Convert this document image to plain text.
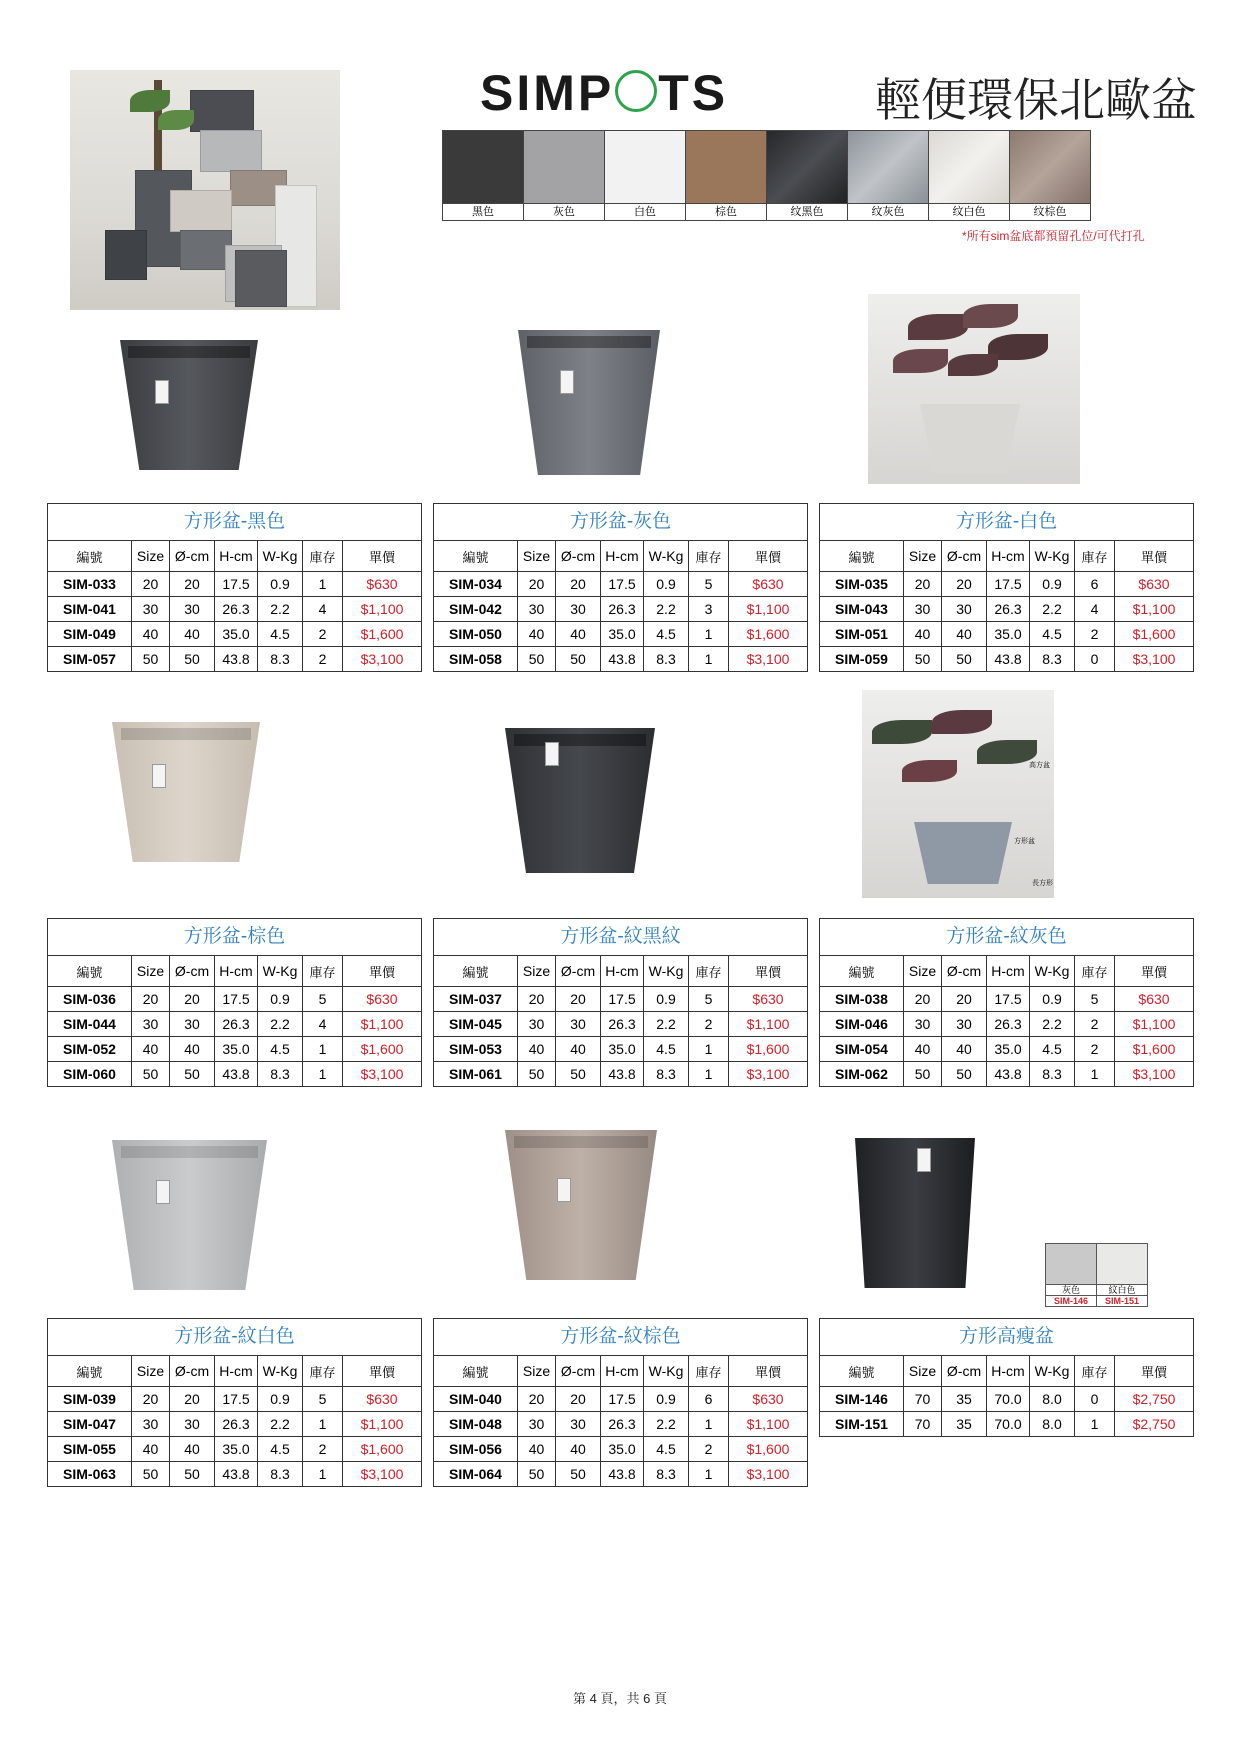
SIMP TS	輕便環保北歐盆
黑色	灰色	白色	棕色	纹黑色	纹灰色	纹白色	纹棕色
*所有sim盆底都預留孔位/可代打孔
方形盆-黑色
編號	Size	Ø-cm	H-cm	W-Kg	庫存	單價
SIM-033	20	20	17.5	0.9	1	$630
SIM-041	30	30	26.3	2.2	4	$1,100
SIM-049	40	40	35.0	4.5	2	$1,600
SIM-057	50	50	43.8	8.3	2	$3,100
方形盆-灰色
編號	Size	Ø-cm	H-cm	W-Kg	庫存	單價
SIM-034	20	20	17.5	0.9	5	$630
SIM-042	30	30	26.3	2.2	3	$1,100
SIM-050	40	40	35.0	4.5	1	$1,600
SIM-058	50	50	43.8	8.3	1	$3,100
方形盆-白色
編號	Size	Ø-cm	H-cm	W-Kg	庫存	單價
SIM-035	20	20	17.5	0.9	6	$630
SIM-043	30	30	26.3	2.2	4	$1,100
SIM-051	40	40	35.0	4.5	2	$1,600
SIM-059	50	50	43.8	8.3	0	$3,100
高方盆
方形盆
長方形
方形盆-棕色
編號	Size	Ø-cm	H-cm	W-Kg	庫存	單價
SIM-036	20	20	17.5	0.9	5	$630
SIM-044	30	30	26.3	2.2	4	$1,100
SIM-052	40	40	35.0	4.5	1	$1,600
SIM-060	50	50	43.8	8.3	1	$3,100
方形盆-紋黑紋
編號	Size	Ø-cm	H-cm	W-Kg	庫存	單價
SIM-037	20	20	17.5	0.9	5	$630
SIM-045	30	30	26.3	2.2	2	$1,100
SIM-053	40	40	35.0	4.5	1	$1,600
SIM-061	50	50	43.8	8.3	1	$3,100
方形盆-紋灰色
編號	Size	Ø-cm	H-cm	W-Kg	庫存	單價
SIM-038	20	20	17.5	0.9	5	$630
SIM-046	30	30	26.3	2.2	2	$1,100
SIM-054	40	40	35.0	4.5	2	$1,600
SIM-062	50	50	43.8	8.3	1	$3,100
灰色
SIM-146
紋白色
SIM-151
方形盆-紋白色
編號	Size	Ø-cm	H-cm	W-Kg	庫存	單價
SIM-039	20	20	17.5	0.9	5	$630
SIM-047	30	30	26.3	2.2	1	$1,100
SIM-055	40	40	35.0	4.5	2	$1,600
SIM-063	50	50	43.8	8.3	1	$3,100
方形盆-紋棕色
編號	Size	Ø-cm	H-cm	W-Kg	庫存	單價
SIM-040	20	20	17.5	0.9	6	$630
SIM-048	30	30	26.3	2.2	1	$1,100
SIM-056	40	40	35.0	4.5	2	$1,600
SIM-064	50	50	43.8	8.3	1	$3,100
方形高瘦盆
編號	Size	Ø-cm	H-cm	W-Kg	庫存	單價
SIM-146	70	35	70.0	8.0	0	$2,750
SIM-151	70	35	70.0	8.0	1	$2,750
第 4 頁，共 6 頁
